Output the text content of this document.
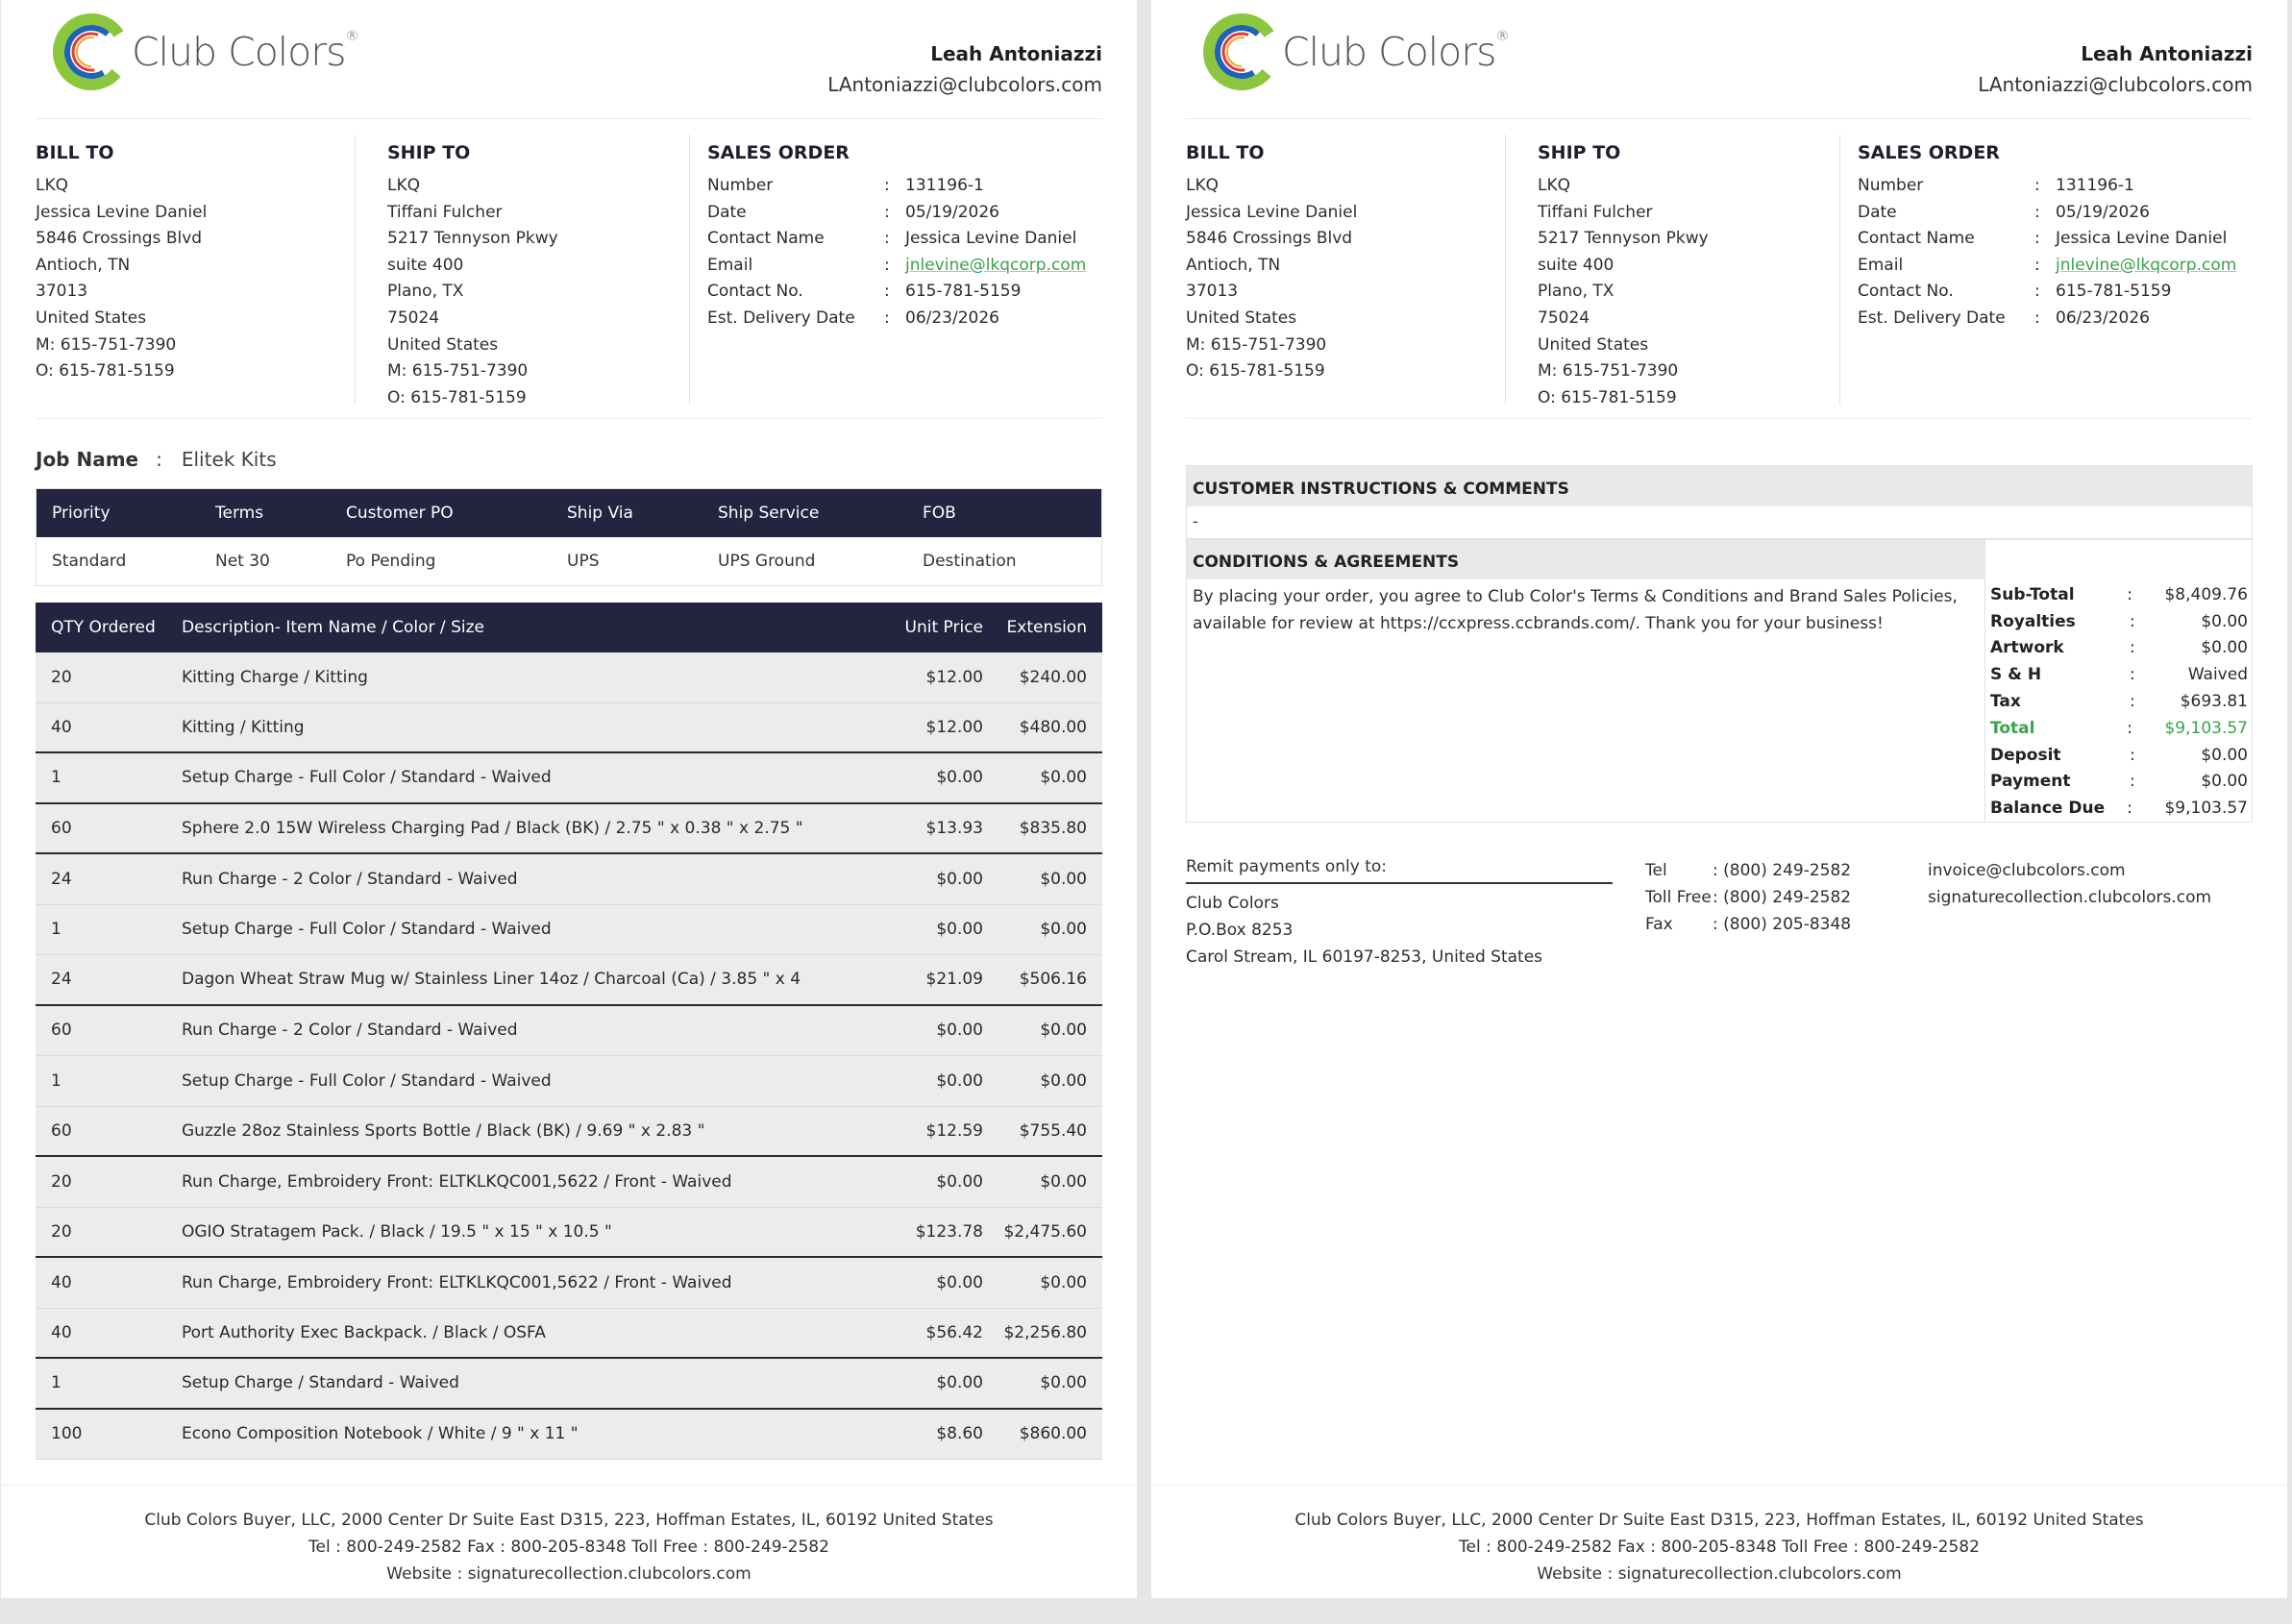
Club Colors®
Leah Antoniazzi
LAntoniazzi@clubcolors.com
BILL TO
LKQ
Jessica Levine Daniel
5846 Crossings Blvd
Antioch, TN
37013
United States
M: 615-751-7390
O: 615-781-5159
SHIP TO
LKQ
Tiffani Fulcher
5217 Tennyson Pkwy
suite 400
Plano, TX
75024
United States
M: 615-751-7390
O: 615-781-5159
SALES ORDER
Number	: 131196-1
Date	: 05/19/2026
Contact Name	: Jessica Levine Daniel
Email	: jnlevine@lkqcorp.com
Contact No.	: 615-781-5159
Est. Delivery Date	: 06/23/2026
Job Name : Elitek Kits
Priority	Terms	Customer PO	Ship Via	Ship Service	FOB
Standard	Net 30	Po Pending	UPS	UPS Ground	Destination
QTY Ordered	Description- Item Name / Color / Size	Unit Price	Extension
20	Kitting Charge / Kitting	$12.00	$240.00
40	Kitting / Kitting	$12.00	$480.00
1	Setup Charge - Full Color / Standard - Waived	$0.00	$0.00
60	Sphere 2.0 15W Wireless Charging Pad / Black (BK) / 2.75 " x 0.38 " x 2.75 "	$13.93	$835.80
24	Run Charge - 2 Color / Standard - Waived	$0.00	$0.00
1	Setup Charge - Full Color / Standard - Waived	$0.00	$0.00
24	Dagon Wheat Straw Mug w/ Stainless Liner 14oz / Charcoal (Ca) / 3.85 " x 4	$21.09	$506.16
60	Run Charge - 2 Color / Standard - Waived	$0.00	$0.00
1	Setup Charge - Full Color / Standard - Waived	$0.00	$0.00
60	Guzzle 28oz Stainless Sports Bottle / Black (BK) / 9.69 " x 2.83 "	$12.59	$755.40
20	Run Charge, Embroidery Front: ELTKLKQC001,5622 / Front - Waived	$0.00	$0.00
20	OGIO Stratagem Pack. / Black / 19.5 " x 15 " x 10.5 "	$123.78	$2,475.60
40	Run Charge, Embroidery Front: ELTKLKQC001,5622 / Front - Waived	$0.00	$0.00
40	Port Authority Exec Backpack. / Black / OSFA	$56.42	$2,256.80
1	Setup Charge / Standard - Waived	$0.00	$0.00
100	Econo Composition Notebook / White / 9 " x 11 "	$8.60	$860.00
Club Colors Buyer, LLC, 2000 Center Dr Suite East D315, 223, Hoffman Estates, IL, 60192 United States
Tel : 800-249-2582 Fax : 800-205-8348 Toll Free : 800-249-2582
Website : signaturecollection.clubcolors.com
Club Colors®
Leah Antoniazzi
LAntoniazzi@clubcolors.com
BILL TO
LKQ
Jessica Levine Daniel
5846 Crossings Blvd
Antioch, TN
37013
United States
M: 615-751-7390
O: 615-781-5159
SHIP TO
LKQ
Tiffani Fulcher
5217 Tennyson Pkwy
suite 400
Plano, TX
75024
United States
M: 615-751-7390
O: 615-781-5159
SALES ORDER
Number	: 131196-1
Date	: 05/19/2026
Contact Name	: Jessica Levine Daniel
Email	: jnlevine@lkqcorp.com
Contact No.	: 615-781-5159
Est. Delivery Date	: 06/23/2026
CUSTOMER INSTRUCTIONS & COMMENTS
-
CONDITIONS & AGREEMENTS
By placing your order, you agree to Club Color's Terms & Conditions and Brand Sales Policies, available for review at https://ccxpress.ccbrands.com/. Thank you for your business!
Sub-Total	:	$8,409.76
Royalties	:	$0.00
Artwork	:	$0.00
S & H	:	Waived
Tax	:	$693.81
Total	:	$9,103.57
Deposit	:	$0.00
Payment	:	$0.00
Balance Due	:	$9,103.57
Remit payments only to:
Club Colors
P.O.Box 8253
Carol Stream, IL 60197-8253, United States
Tel	: (800) 249-2582
Toll Free : (800) 249-2582
Fax	: (800) 205-8348
invoice@clubcolors.com
signaturecollection.clubcolors.com
Club Colors Buyer, LLC, 2000 Center Dr Suite East D315, 223, Hoffman Estates, IL, 60192 United States
Tel : 800-249-2582 Fax : 800-205-8348 Toll Free : 800-249-2582
Website : signaturecollection.clubcolors.com
